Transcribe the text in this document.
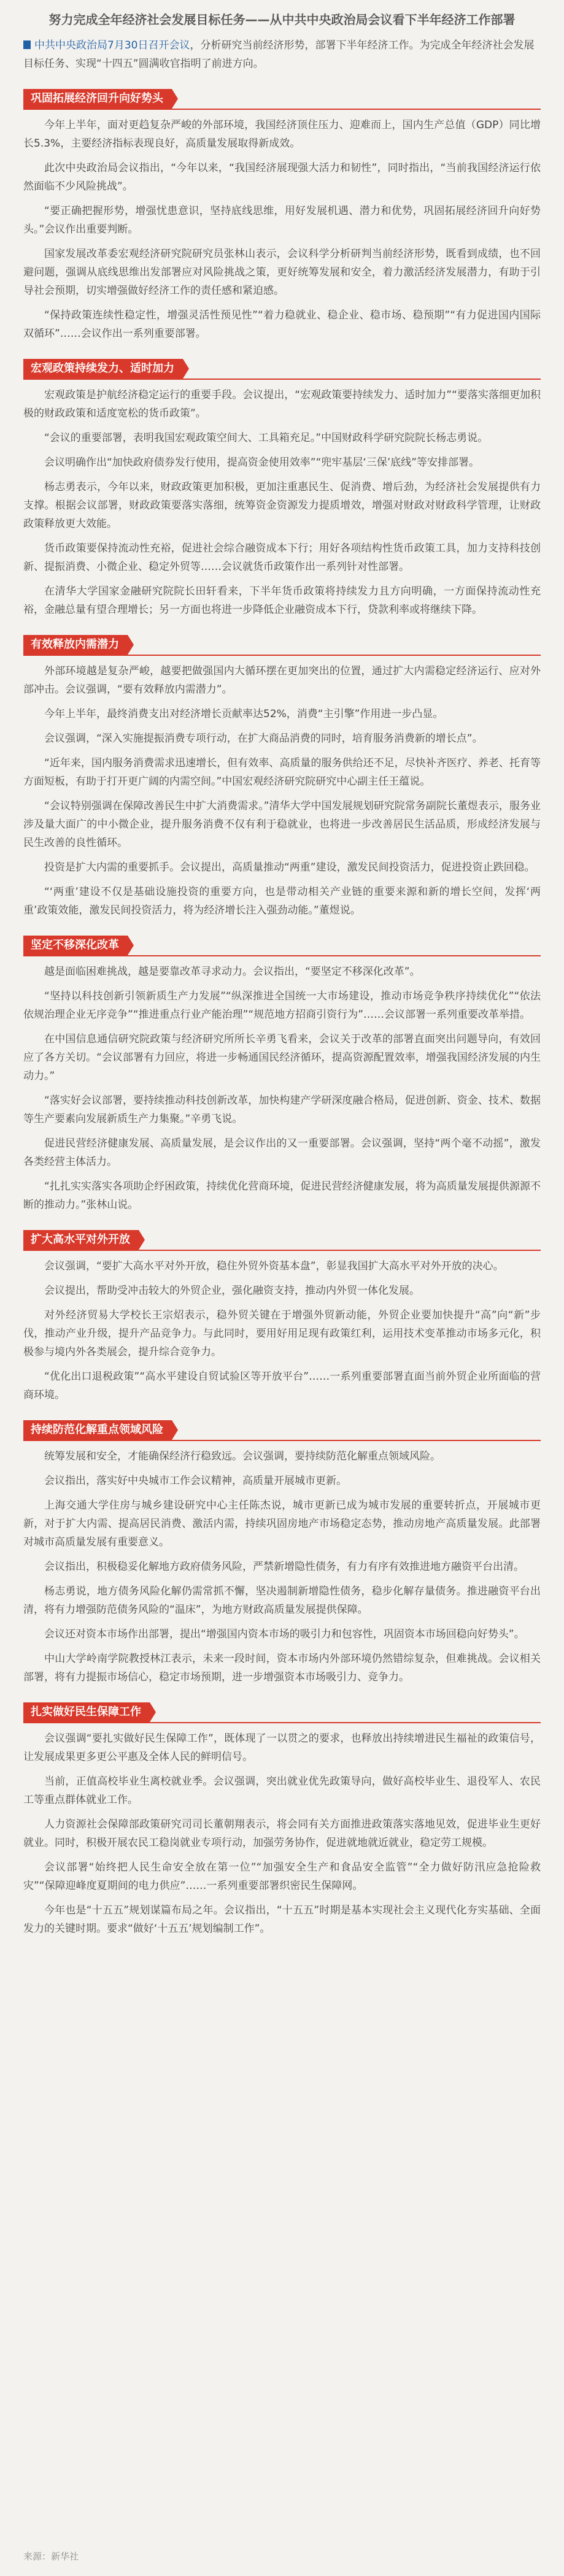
努力完成全年经济社会发展目标任务——从中共中央政治局会议看下半年经济工作部署

中共中央政治局7月30日召开会议，分析研究当前经济形势，部署下半年经济工作。为完成全年经济社会发展目标任务、实现“十四五”圆满收官指明了前进方向。

巩固拓展经济回升向好势头

今年上半年，面对更趋复杂严峻的外部环境，我国经济顶住压力、迎难而上，国内生产总值（GDP）同比增长5.3%，主要经济指标表现良好，高质量发展取得新成效。

此次中央政治局会议指出，“今年以来，“我国经济展现强大活力和韧性”，同时指出，“当前我国经济运行依然面临不少风险挑战”。

“要正确把握形势，增强忧患意识，坚持底线思维，用好发展机遇、潜力和优势，巩固拓展经济回升向好势头。”会议作出重要判断。

国家发展改革委宏观经济研究院研究员张林山表示，会议科学分析研判当前经济形势，既看到成绩，也不回避问题，强调从底线思维出发部署应对风险挑战之策，更好统筹发展和安全，着力激活经济发展潜力，有助于引导社会预期，切实增强做好经济工作的责任感和紧迫感。

“保持政策连续性稳定性，增强灵活性预见性”“着力稳就业、稳企业、稳市场、稳预期”“有力促进国内国际双循环”……会议作出一系列重要部署。

宏观政策持续发力、适时加力

宏观政策是护航经济稳定运行的重要手段。会议提出，“宏观政策要持续发力、适时加力”“要落实落细更加积极的财政政策和适度宽松的货币政策”。

“会议的重要部署，表明我国宏观政策空间大、工具箱充足。”中国财政科学研究院院长杨志勇说。

会议明确作出“加快政府债券发行使用，提高资金使用效率”“兜牢基层‘三保’底线”等安排部署。

杨志勇表示，今年以来，财政政策更加积极，更加注重惠民生、促消费、增后劲，为经济社会发展提供有力支撑。根据会议部署，财政政策要落实落细，统筹资金资源发力提质增效，增强对财政对财政科学管理，让财政政策释放更大效能。

货币政策要保持流动性充裕，促进社会综合融资成本下行；用好各项结构性货币政策工具，加力支持科技创新、提振消费、小微企业、稳定外贸等……会议就货币政策作出一系列针对性部署。

在清华大学国家金融研究院院长田轩看来，下半年货币政策将持续发力且方向明确，一方面保持流动性充裕，金融总量有望合理增长；另一方面也将进一步降低企业融资成本下行，贷款利率或将继续下降。

有效释放内需潜力

外部环境越是复杂严峻，越要把做强国内大循环摆在更加突出的位置，通过扩大内需稳定经济运行、应对外部冲击。会议强调，“要有效释放内需潜力”。

今年上半年，最终消费支出对经济增长贡献率达52%，消费“主引擎”作用进一步凸显。

会议强调，“深入实施提振消费专项行动，在扩大商品消费的同时，培育服务消费新的增长点”。

“近年来，国内服务消费需求迅速增长，但有效率、高质量的服务供给还不足，尽快补齐医疗、养老、托育等方面短板，有助于打开更广阔的内需空间。”中国宏观经济研究院研究中心副主任王蕴说。

“会议特别强调在保障改善民生中扩大消费需求。”清华大学中国发展规划研究院常务副院长董煜表示，服务业涉及量大面广的中小微企业，提升服务消费不仅有利于稳就业，也将进一步改善居民生活品质，形成经济发展与民生改善的良性循环。

投资是扩大内需的重要抓手。会议提出，高质量推动“两重”建设，激发民间投资活力，促进投资止跌回稳。

“‘两重’建设不仅是基础设施投资的重要方向，也是带动相关产业链的重要来源和新的增长空间，发挥‘两重’政策效能，激发民间投资活力，将为经济增长注入强劲动能。”董煜说。

坚定不移深化改革

越是面临困难挑战，越是要靠改革寻求动力。会议指出，“要坚定不移深化改革”。

“坚持以科技创新引领新质生产力发展”“纵深推进全国统一大市场建设，推动市场竞争秩序持续优化”“依法依规治理企业无序竞争”“推进重点行业产能治理”“规范地方招商引资行为”……会议部署一系列重要改革举措。

在中国信息通信研究院政策与经济研究所所长辛勇飞看来，会议关于改革的部署直面突出问题导向，有效回应了各方关切。“会议部署有力回应，将进一步畅通国民经济循环，提高资源配置效率，增强我国经济发展的内生动力。”

“落实好会议部署，要持续推动科技创新改革，加快构建产学研深度融合格局，促进创新、资金、技术、数据等生产要素向发展新质生产力集聚。”辛勇飞说。

促进民营经济健康发展、高质量发展，是会议作出的又一重要部署。会议强调，坚持“两个毫不动摇”，激发各类经营主体活力。

“扎扎实实落实各项助企纾困政策，持续优化营商环境，促进民营经济健康发展，将为高质量发展提供源源不断的推动力。”张林山说。

扩大高水平对外开放

会议强调，“要扩大高水平对外开放，稳住外贸外资基本盘”，彰显我国扩大高水平对外开放的决心。

会议提出，帮助受冲击较大的外贸企业，强化融资支持，推动内外贸一体化发展。

对外经济贸易大学校长王宗炤表示，稳外贸关键在于增强外贸新动能，外贸企业要加快提升“高”向“新”步伐，推动产业升级，提升产品竞争力。与此同时，要用好用足现有政策红利，运用技术变革推动市场多元化，积极参与境内外各类展会，提升综合竞争力。

“优化出口退税政策”“高水平建设自贸试验区等开放平台”……一系列重要部署直面当前外贸企业所面临的营商环境。

持续防范化解重点领域风险

统筹发展和安全，才能确保经济行稳致远。会议强调，要持续防范化解重点领域风险。

会议指出，落实好中央城市工作会议精神，高质量开展城市更新。

上海交通大学住房与城乡建设研究中心主任陈杰说，城市更新已成为城市发展的重要转折点，开展城市更新，对于扩大内需、提高居民消费、激活内需，持续巩固房地产市场稳定态势，推动房地产高质量发展。此部署对城市高质量发展有重要意义。

会议指出，积极稳妥化解地方政府债务风险，严禁新增隐性债务，有力有序有效推进地方融资平台出清。

杨志勇说，地方债务风险化解仍需常抓不懈，坚决遏制新增隐性债务，稳步化解存量债务。推进融资平台出清，将有力增强防范债务风险的“温床”，为地方财政高质量发展提供保障。

会议还对资本市场作出部署，提出“增强国内资本市场的吸引力和包容性，巩固资本市场回稳向好势头”。

中山大学岭南学院教授林江表示，未来一段时间，资本市场内外部环境仍然错综复杂，但难挑战。会议相关部署，将有力提振市场信心，稳定市场预期，进一步增强资本市场吸引力、竞争力。

扎实做好民生保障工作

会议强调“要扎实做好民生保障工作”，既体现了一以贯之的要求，也释放出持续增进民生福祉的政策信号，让发展成果更多更公平惠及全体人民的鲜明信号。

当前，正值高校毕业生离校就业季。会议强调，突出就业优先政策导向，做好高校毕业生、退役军人、农民工等重点群体就业工作。

人力资源社会保障部政策研究司司长董朝翔表示，将会同有关方面推进政策落实落地见效，促进毕业生更好就业。同时，积极开展农民工稳岗就业专项行动，加强劳务协作，促进就地就近就业，稳定劳工规模。

会议部署“始终把人民生命安全放在第一位”“加强安全生产和食品安全监管”“全力做好防汛应急抢险救灾”“保障迎峰度夏期间的电力供应”……一系列重要部署织密民生保障网。

今年也是“十五五”规划谋篇布局之年。会议指出，“十五五”时期是基本实现社会主义现代化夯实基础、全面发力的关键时期。要求“做好‘十五五’规划编制工作”。

来源：新华社
